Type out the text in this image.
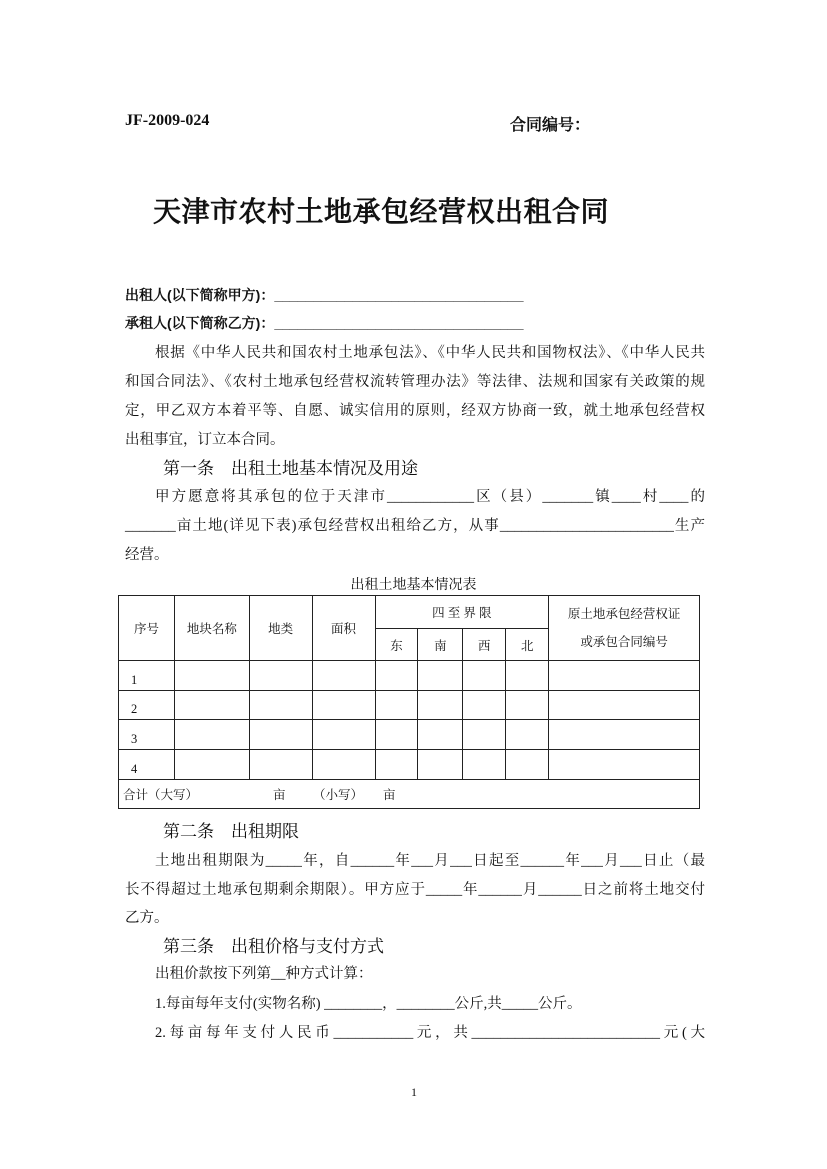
JF-2009-024	合同编号：
天津市农村土地承包经营权出租合同
出租人(以下简称甲方)：________________________________
承租人(以下简称乙方)：________________________________
根据《中华人民共和国农村土地承包法》、《中华人民共和国物权法》、《中华人民共
和国合同法》、《农村土地承包经营权流转管理办法》等法律、法规和国家有关政策的规
定，甲乙双方本着平等、自愿、诚实信用的原则，经双方协商一致，就土地承包经营权
出租事宜，订立本合同。
第一条　出租土地基本情况及用途
甲方愿意将其承包的位于天津市____________区（县）_______镇____村____的
_______亩土地(详见下表)承包经营权出租给乙方，从事________________________生产
经营。
出租土地基本情况表
序号	地块名称	地类	面积	四 至 界 限				原土地承包经营权证或承包合同编号
				东	南	西	北	
1								
2								
3								
4								
合计（大写） 亩 （小写） 亩								
第二条　出租期限
土地出租期限为_____年，自______年___月___日起至______年___月___日止（最
长不得超过土地承包期剩余期限）。甲方应于_____年______月______日之前将土地交付
乙方。
第三条　出租价格与支付方式
出租价款按下列第__种方式计算：
1.每亩每年支付(实物名称) ________，________公斤,共_____公斤。
2.每亩每年支付人民币___________元，共__________________________元(大
1
